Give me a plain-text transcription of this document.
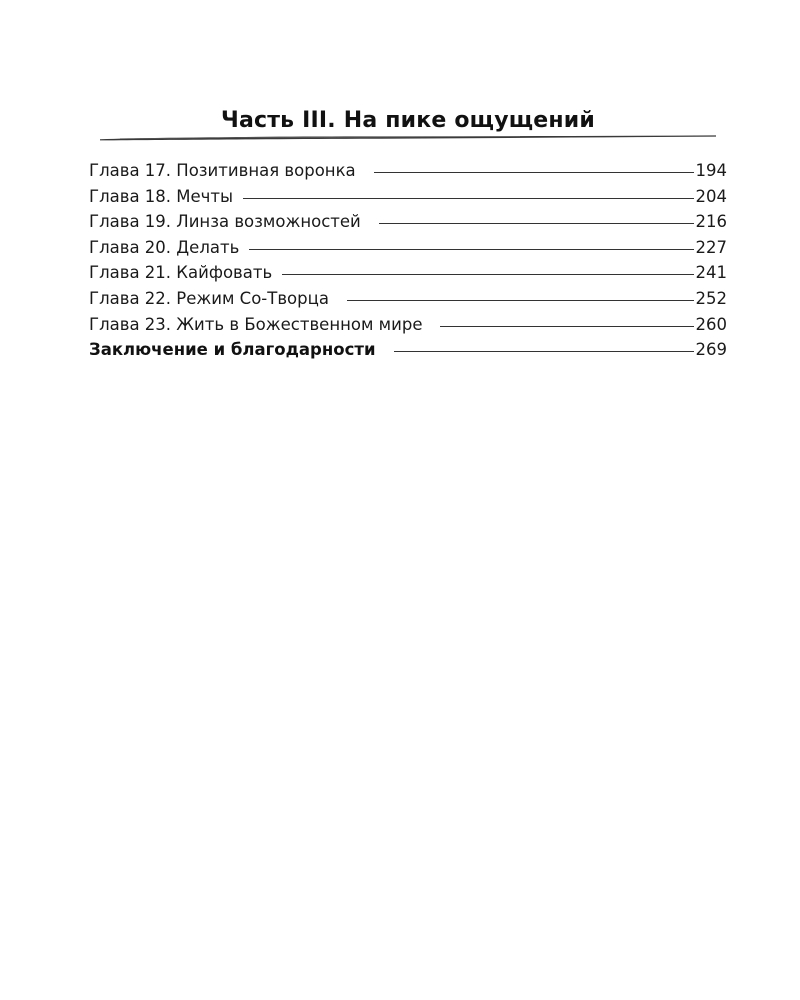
Часть III. На пике ощущений
Глава 17. Позитивная воронка	194
Глава 18. Мечты	204
Глава 19. Линза возможностей	216
Глава 20. Делать	227
Глава 21. Кайфовать	241
Глава 22. Режим Со-Творца	252
Глава 23. Жить в Божественном мире	260
Заключение и благодарности	269
